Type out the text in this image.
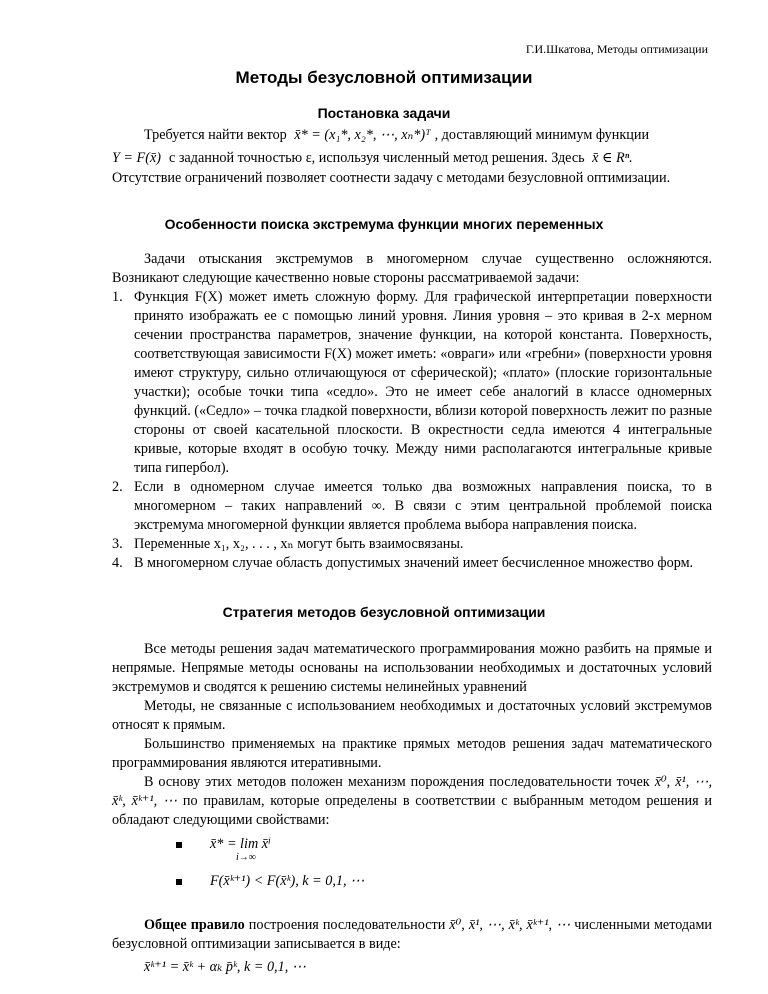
Г.И.Шкатова, Методы оптимизации
Методы безусловной оптимизации
Постановка задачи
Требуется найти вектор x̄* = (x₁*, x₂*, ⋯, xₙ*)ᵀ , доставляющий минимум функции
Y = F(x̄) с заданной точностью ε, используя численный метод решения. Здесь x̄ ∈ Rⁿ.
Отсутствие ограничений позволяет соотнести задачу с методами безусловной оптимизации.
Особенности поиска экстремума функции многих переменных
Задачи отыскания экстремумов в многомерном случае существенно осложняются. Возникают следующие качественно новые стороны рассматриваемой задачи:
1. Функция F(X) может иметь сложную форму. Для графической интерпретации поверхности принято изображать ее с помощью линий уровня. Линия уровня – это кривая в 2-х мерном сечении пространства параметров, значение функции, на которой константа. Поверхность, соответствующая зависимости F(X) может иметь: «овраги» или «гребни» (поверхности уровня имеют структуру, сильно отличающуюся от сферической); «плато» (плоские горизонтальные участки); особые точки типа «седло». Это не имеет себе аналогий в классе одномерных функций. («Седло» – точка гладкой поверхности, вблизи которой поверхность лежит по разные стороны от своей касательной плоскости. В окрестности седла имеются 4 интегральные кривые, которые входят в особую точку. Между ними располагаются интегральные кривые типа гипербол).
2. Если в одномерном случае имеется только два возможных направления поиска, то в многомерном – таких направлений ∞. В связи с этим центральной проблемой поиска экстремума многомерной функции является проблема выбора направления поиска.
3. Переменные x₁, x₂, . . . , xₙ могут быть взаимосвязаны.
4. В многомерном случае область допустимых значений имеет бесчисленное множество форм.
Стратегия методов безусловной оптимизации
Все методы решения задач математического программирования можно разбить на прямые и непрямые. Непрямые методы основаны на использовании необходимых и достаточных условий экстремумов и сводятся к решению системы нелинейных уравнений
Методы, не связанные с использованием необходимых и достаточных условий экстремумов относят к прямым.
Большинство применяемых на практике прямых методов решения задач математического программирования являются итеративными.
В основу этих методов положен механизм порождения последовательности точек x̄⁰, x̄¹, ⋯, x̄ᵏ, x̄ᵏ⁺¹, ⋯ по правилам, которые определены в соответствии с выбранным методом решения и обладают следующими свойствами:
x̄* = lim x̄ⁱ
i→∞
F(x̄ᵏ⁺¹) < F(x̄ᵏ), k = 0,1, ⋯
Общее правило построения последовательности x̄⁰, x̄¹, ⋯, x̄ᵏ, x̄ᵏ⁺¹, ⋯ численными методами безусловной оптимизации записывается в виде:
x̄ᵏ⁺¹ = x̄ᵏ + αₖ p̄ᵏ, k = 0,1, ⋯
